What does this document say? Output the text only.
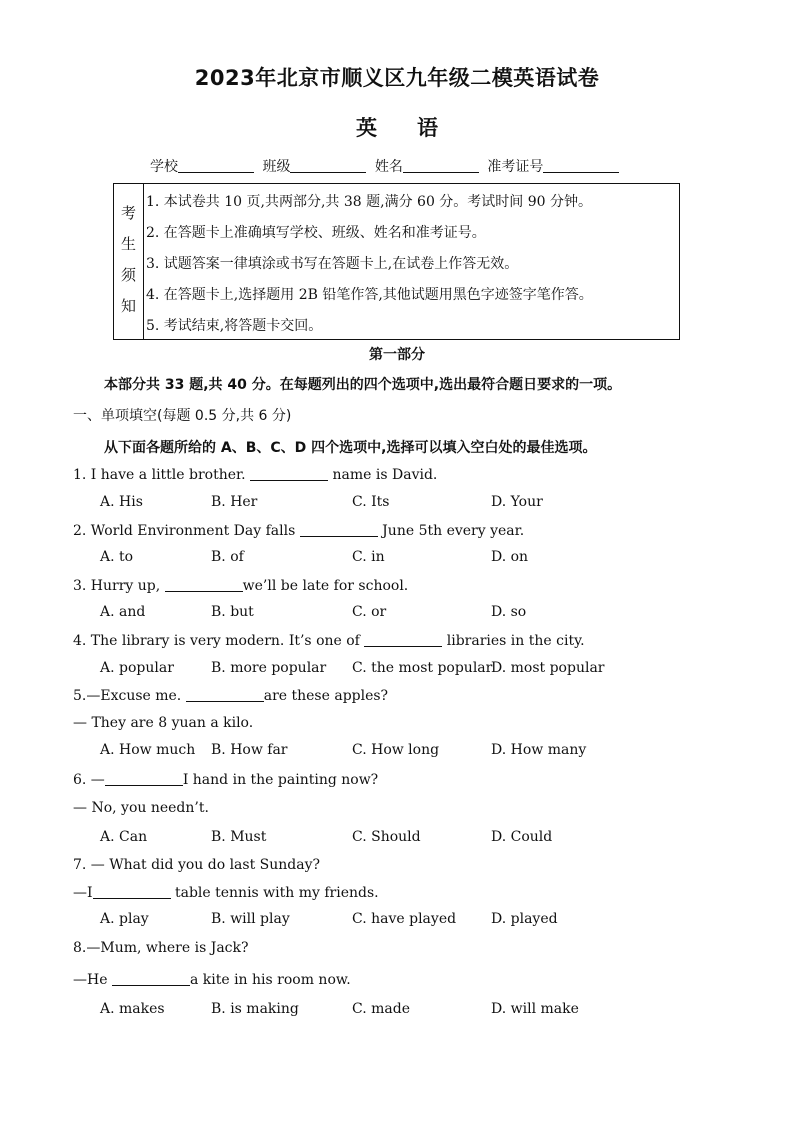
2023年北京市顺义区九年级二模英语试卷
英 语
学校	班级	姓名	准考证号
考
生
须
知
1. 本试卷共 10 页,共两部分,共 38 题,满分 60 分。考试时间 90 分钟。
2. 在答题卡上准确填写学校、班级、姓名和准考证号。
3. 试题答案一律填涂或书写在答题卡上,在试卷上作答无效。
4. 在答题卡上,选择题用 2B 铅笔作答,其他试题用黑色字迹签字笔作答。
5. 考试结束,将答题卡交回。
第一部分
本部分共 33 题,共 40 分。在每题列出的四个选项中,选出最符合题日要求的一项。
一、单项填空(每题 0.5 分,共 6 分)
从下面各题所给的 A、B、C、D 四个选项中,选择可以填入空白处的最佳选项。
1. I have a little brother.	name is David.
A. His	B. Her	C. Its	D. Your
2. World Environment Day falls	June 5th every year.
A. to	B. of	C. in	D. on
3. Hurry up,	we’ll be late for school.
A. and	B. but	C. or	D. so
4. The library is very modern. It’s one of	libraries in the city.
A. popular	B. more popular C. the most popular
D. most popular
5.—Excuse me.	are these apples?
— They are 8 yuan a kilo.
A. How much B. How far	C. How long	D. How many
6. —	I hand in the painting now?
— No, you needn’t.
A. Can	B. Must	C. Should	D. Could
7. — What did you do last Sunday?
—I	table tennis with my friends.
A. play	B. will play	C. have played D. played
8.—Mum, where is Jack?
—He	a kite in his room now.
A. makes	B. is making	C. made	D. will make
